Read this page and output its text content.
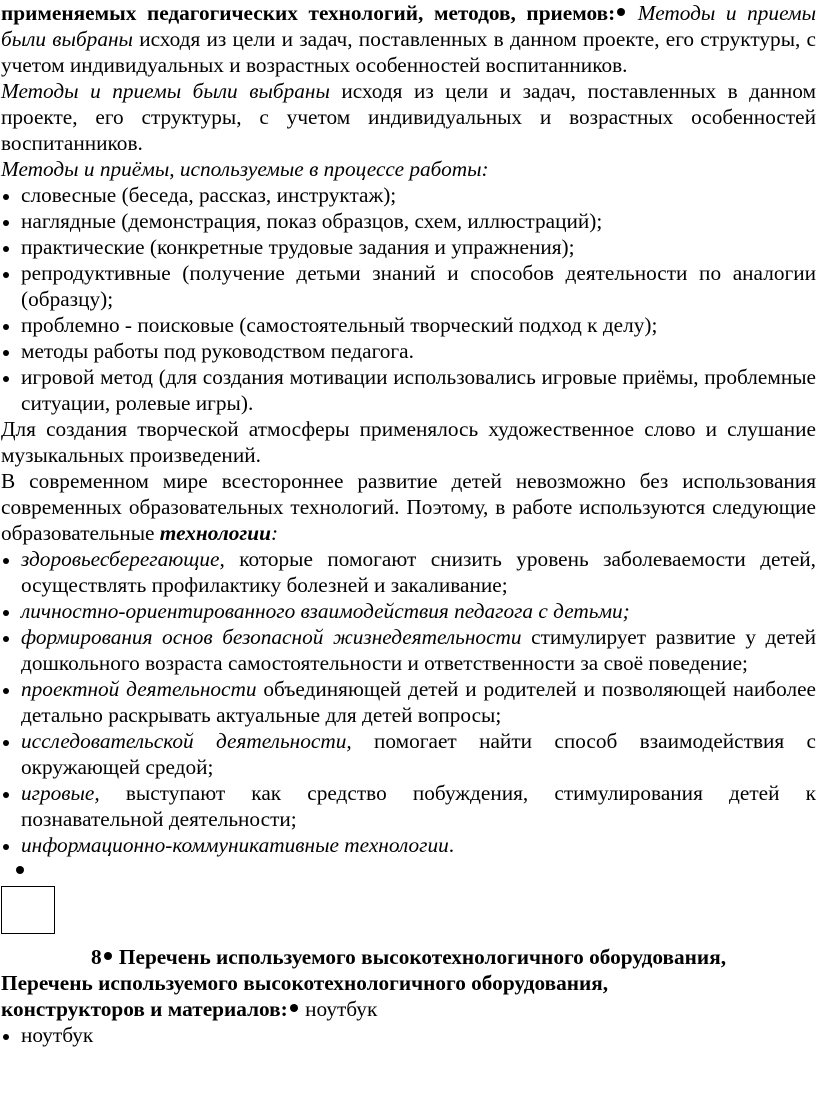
применяемых педагогических технологий, методов, приемов: Методы и приемы были выбраны исходя из цели и задач, поставленных в данном проекте, его структуры, с учетом индивидуальных и возрастных особенностей воспитанников.

Методы и приемы были выбраны исходя из цели и задач, поставленных в данном проекте, его структуры, с учетом индивидуальных и возрастных особенностей воспитанников.

Методы и приёмы, используемые в процессе работы:

словесные (беседа, рассказ, инструктаж);
наглядные (демонстрация, показ образцов, схем, иллюстраций);
практические (конкретные трудовые задания и упражнения);
репродуктивные (получение детьми знаний и способов деятельности по аналогии (образцу);
проблемно - поисковые (самостоятельный творческий подход к делу);
методы работы под руководством педагога.
игровой метод (для создания мотивации использовались игровые приёмы, проблемные ситуации, ролевые игры).

Для создания творческой атмосферы применялось художественное слово и слушание музыкальных произведений.

В современном мире всестороннее развитие детей невозможно без использования современных образовательных технологий. Поэтому, в работе используются следующие образовательные технологии:

здоровьесберегающие, которые помогают снизить уровень заболеваемости детей, осуществлять профилактику болезней и закаливание;
личностно-ориентированного взаимодействия педагога с детьми;
формирования основ безопасной жизнедеятельности стимулирует развитие у детей дошкольного возраста самостоятельности и ответственности за своё поведение;
проектной деятельности объединяющей детей и родителей и позволяющей наиболее детально раскрывать актуальные для детей вопросы;
исследовательской деятельности, помогает найти способ взаимодействия с окружающей средой;
игровые, выступают как средство побуждения, стимулирования детей к познавательной деятельности;
информационно-коммуникативные технологии.
8 Перечень используемого высокотехнологичного оборудования,
Перечень используемого высокотехнологичного оборудования,
конструкторов и материалов: ноутбук
ноутбук
